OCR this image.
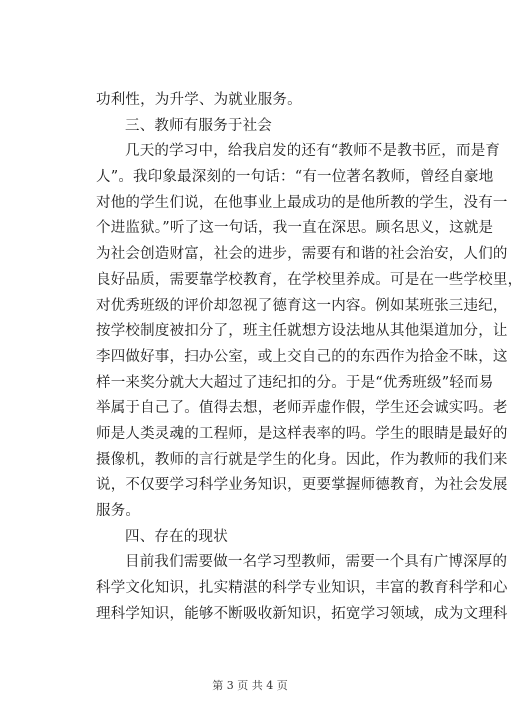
功利性，为升学、为就业服务。
三、教师有服务于社会
几天的学习中，给我启发的还有“教师不是教书匠，而是育
人”。我印象最深刻的一句话：“有一位著名教师，曾经自豪地
对他的学生们说，在他事业上最成功的是他所教的学生，没有一
个进监狱。”听了这一句话，我一直在深思。顾名思义，这就是
为社会创造财富，社会的进步，需要有和谐的社会治安，人们的
良好品质，需要靠学校教育，在学校里养成。可是在一些学校里，
对优秀班级的评价却忽视了德育这一内容。例如某班张三违纪，
按学校制度被扣分了，班主任就想方设法地从其他渠道加分，让
李四做好事，扫办公室，或上交自己的的东西作为拾金不昧，这
样一来奖分就大大超过了违纪扣的分。于是“优秀班级”轻而易
举属于自己了。值得去想，老师弄虚作假，学生还会诚实吗。老
师是人类灵魂的工程师，是这样表率的吗。学生的眼睛是最好的
摄像机，教师的言行就是学生的化身。因此，作为教师的我们来
说，不仅要学习科学业务知识，更要掌握师德教育，为社会发展
服务。
四、存在的现状
目前我们需要做一名学习型教师，需要一个具有广博深厚的
科学文化知识，扎实精湛的科学专业知识，丰富的教育科学和心
理科学知识，能够不断吸收新知识，拓宽学习领域，成为文理科
第 3 页 共 4 页
